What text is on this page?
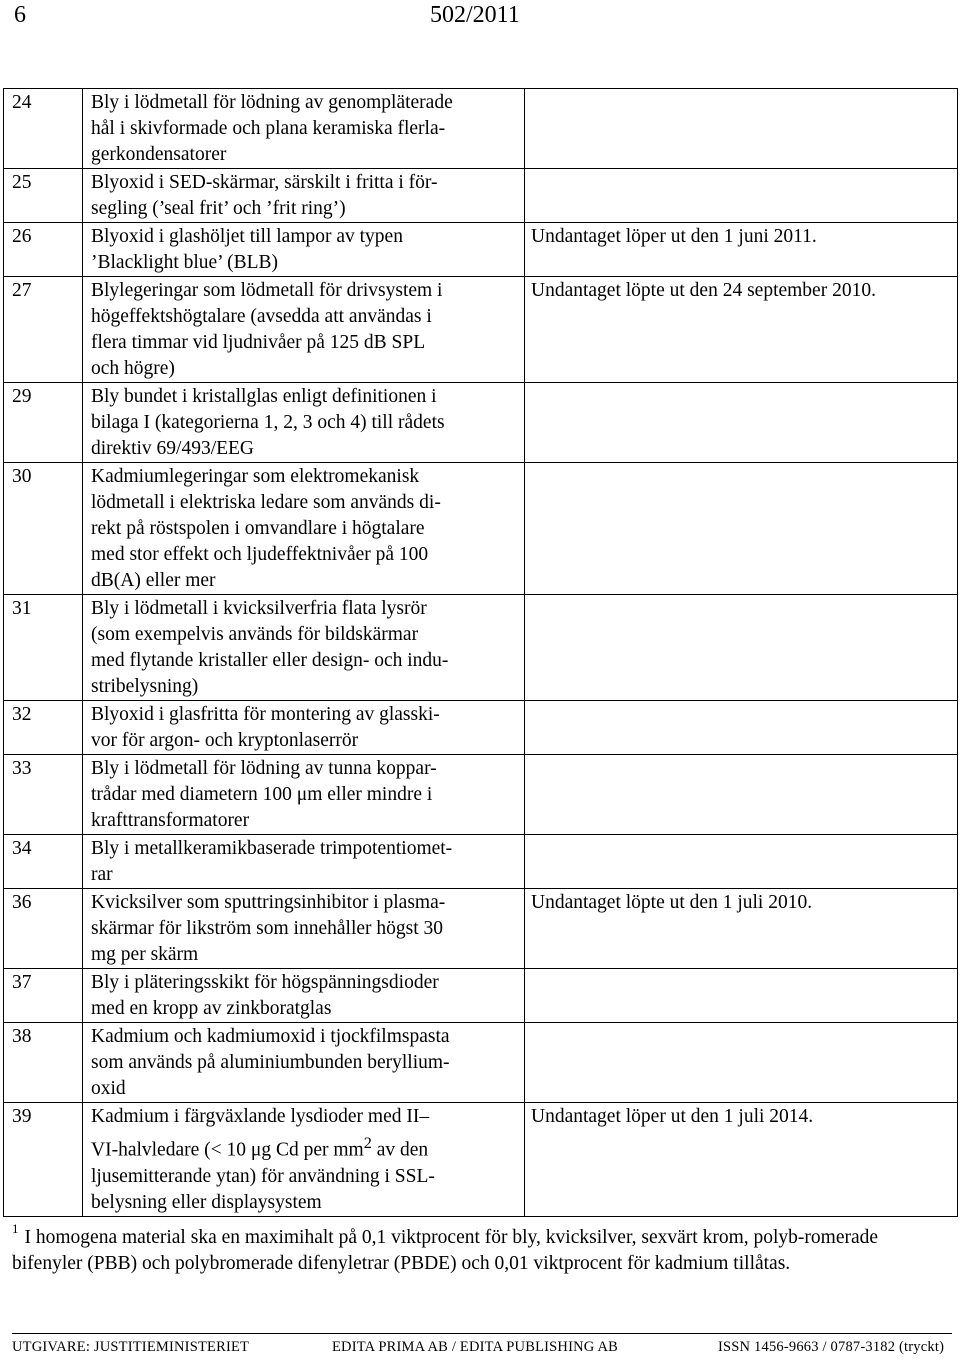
6	502/2011
24	Bly i lödmetall för lödning av genompläterade
hål i skivformade och plana keramiska flerla-
gerkondensatorer	
25	Blyoxid i SED-skärmar, särskilt i fritta i för-
segling (’seal frit’ och ’frit ring’)	
26	Blyoxid i glashöljet till lampor av typen
’Blacklight blue’ (BLB)	Undantaget löper ut den 1 juni 2011.
27	Blylegeringar som lödmetall för drivsystem i
högeffektshögtalare (avsedda att användas i
flera timmar vid ljudnivåer på 125 dB SPL
och högre)	Undantaget löpte ut den 24 september 2010.
29	Bly bundet i kristallglas enligt definitionen i
bilaga I (kategorierna 1, 2, 3 och 4) till rådets
direktiv 69/493/EEG	
30	Kadmiumlegeringar som elektromekanisk
lödmetall i elektriska ledare som används di-
rekt på röstspolen i omvandlare i högtalare
med stor effekt och ljudeffektnivåer på 100
dB(A) eller mer	
31	Bly i lödmetall i kvicksilverfria flata lysrör
(som exempelvis används för bildskärmar
med flytande kristaller eller design- och indu-
stribelysning)	
32	Blyoxid i glasfritta för montering av glasski-
vor för argon- och kryptonlaserrör	
33	Bly i lödmetall för lödning av tunna koppar-
trådar med diametern 100 μm eller mindre i
krafttransformatorer	
34	Bly i metallkeramikbaserade trimpotentiomet-
rar	
36	Kvicksilver som sputtringsinhibitor i plasma-
skärmar för likström som innehåller högst 30
mg per skärm	Undantaget löpte ut den 1 juli 2010.
37	Bly i pläteringsskikt för högspänningsdioder
med en kropp av zinkboratglas	
38	Kadmium och kadmiumoxid i tjockfilmspasta
som används på aluminiumbunden beryllium-
oxid	
39	Kadmium i färgväxlande lysdioder med II–
VI-halvledare (< 10 μg Cd per $mm^2$ av den
ljusemitterande ytan) för användning i SSL-
belysning eller displaysystem	Undantaget löper ut den 1 juli 2014.
$^1$ I homogena material ska en maximihalt på 0,1 viktprocent för bly, kvicksilver, sexvärt krom, polyb-romerade bifenyler (PBB) och polybromerade difenyletrar (PBDE) och 0,01 viktprocent för kadmium tillåtas.
UTGIVARE: JUSTITIEMINISTERIET	EDITA PRIMA AB / EDITA PUBLISHING AB	ISSN 1456-9663 / 0787-3182 (tryckt)
